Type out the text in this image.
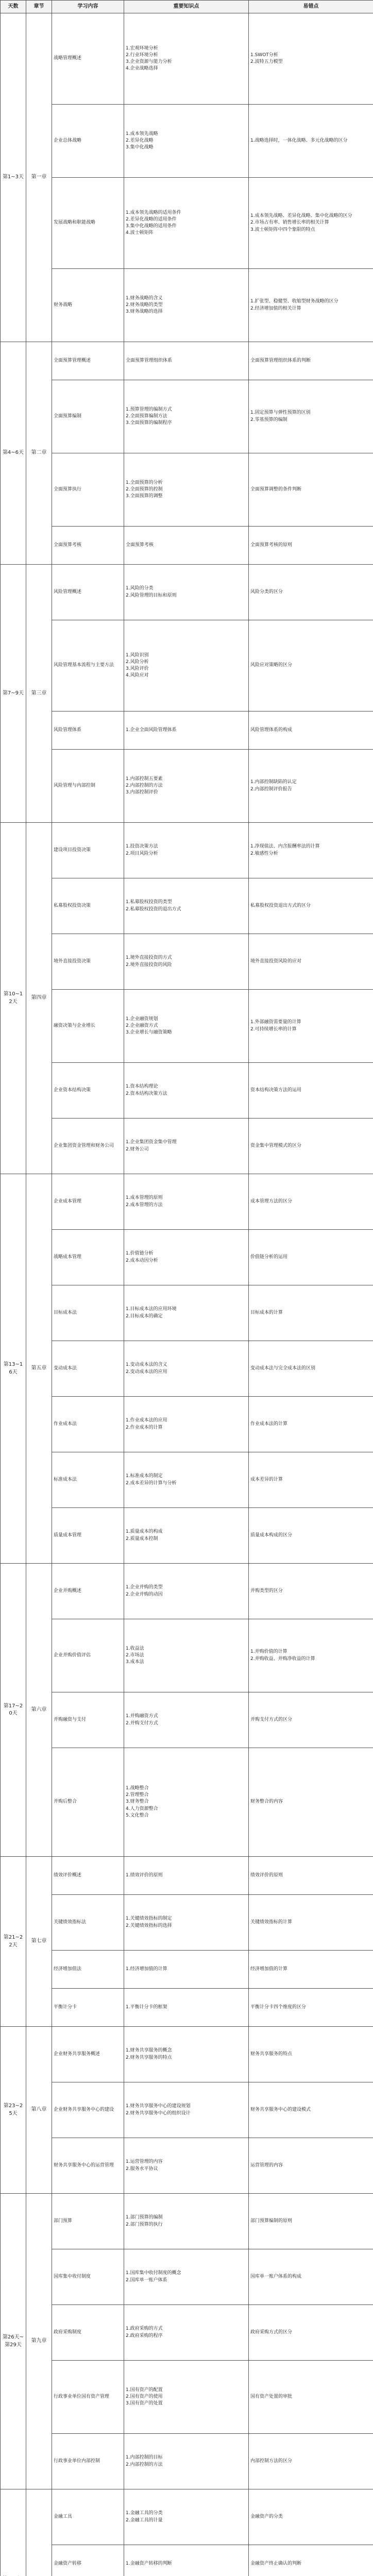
天数	章节	学习内容	重要知识点	易错点
第1~3天	第一章	战略管理概述	1.宏观环境分析
2.行业环境分析
3.企业资源与能力分析
4.企业战略选择	1.SWOT分析
2.波特五力模型

		企业总体战略	1.成本领先战略
2.差异化战略
3.集中化战略	1.战略选择时，一体化战略、多元化战略的区分

		发展战略和职能战略	1.成本领先战略的适用条件
2.差异化战略的适用条件
3.集中化战略的适用条件
4.波士顿矩阵	1.成本领先战略、差异化战略、集中化战略的区分
2.市场占有率、销售增长率的相关计算
3.波士顿矩阵中四个象限的特点

		财务战略	1.财务战略的含义
2.财务战略的类型
3.财务战略的选择	1.扩张型、稳健型、收缩型财务战略的区分
2.经济增加值的相关计算

第4~6天	第二章	全面预算管理概述	全面预算管理组织体系	全面预算管理组织体系的判断

		全面预算编制	1.预算管理的编制方式
2.全面预算编制方法
3.全面预算的编制程序	1.固定预算与弹性预算的区别
2.零基预算的编制

		全面预算执行	1.全面预算的分析
2.全面预算的控制
3.全面预算的调整	全面预算调整的条件判断

		全面预算考核	全面预算考核	全面预算考核的原则

第7~9天	第三章	风险管理概述	1.风险的分类
2.风险管理的目标和原则	风险分类的区分

		风险管理基本流程与主要方法	1.风险识别
2.风险分析
3.风险评价
4.风险应对	风险应对策略的区分

		风险管理体系	1.企业全面风险管理体系	风险管理体系的构成

		风险管理与内部控制	1.内部控制五要素
2.内部控制的方法
3.内部控制评价	1.内部控制缺陷的认定
2.内部控制评价报告

第10~12天	第四章	建设项目投资决策	1.投资决策方法
2.项目风险分析	1.净现值法、内含报酬率法的计算
2.敏感性分析

		私募股权投资决策	1.私募股权投资的类型
2.私募股权投资的退出方式	私募股权投资退出方式的区分

		境外直接投资决策	1.境外直接投资的方式
2.境外直接投资的风险	境外直接投资风险的应对

		融资决策与企业增长	1.企业融资规划
2.企业融资方式
3.企业增长与融资策略	1.外部融资需要量的计算
2.可持续增长率的计算

		企业资本结构决策	1.资本结构理论
2.资本结构决策方法	资本结构决策方法的运用

		企业集团资金管理和财务公司	1.企业集团资金集中管理
2.财务公司	资金集中管理模式的区分

第13~16天	第五章	企业成本管理	1.成本管理的原则
2.成本管理的方法	成本管理方法的区分

		战略成本管理	1.价值链分析
2.成本动因分析	价值链分析的运用

		目标成本法	1.目标成本法的应用环境
2.目标成本的确定	目标成本的计算

		变动成本法	1.变动成本法的含义
2.变动成本法的应用	变动成本法与完全成本法的区别

		作业成本法	1.作业成本法的应用
2.作业成本的计算	作业成本法的计算

		标准成本法	1.标准成本的制定
2.成本差异的计算与分析	成本差异的计算

		质量成本管理	1.质量成本的构成
2.质量成本控制	质量成本构成的区分

第17~20天	第六章	企业并购概述	1.企业并购的类型
2.企业并购的动因	并购类型的区分

		企业并购价值评估	1.收益法
2.市场法
3.成本法	1.并购价值的计算
2.并购收益、并购净收益的计算

		并购融资与支付	1.并购融资方式
2.并购支付方式	并购支付方式的区分

		并购后整合	1.战略整合
2.管理整合
3.财务整合
4.人力资源整合
5.文化整合	财务整合的内容

第21~22天	第七章	绩效评价概述	1.绩效评价的原则	绩效评价的原则

		关键绩效指标法	1.关键绩效指标的制定
2.关键绩效指标的选择	关键绩效指标的计算

		经济增加值法	1.经济增加值的计算	经济增加值的计算

		平衡计分卡	1.平衡计分卡的框架	平衡计分卡四个维度的区分

第23~25天	第八章	企业财务共享服务概述	1.财务共享服务的概念
2.财务共享服务的特点	财务共享服务的特点

		企业财务共享服务中心的建设	1.财务共享服务中心的建设规划
2.财务共享服务中心的组织设计	财务共享服务中心的建设模式

		财务共享服务中心的运营管理	1.运营管理的内容
2.服务水平协议	运营管理的内容

第26天~第29天	第九章	部门预算	1.部门预算的编制
2.部门预算的执行	部门预算编制的原则

		国库集中收付制度	1.国库集中收付制度的概念
2.国库单一账户体系	国库单一账户体系的构成

		政府采购制度	1.政府采购的方式
2.政府采购的程序	政府采购方式的区分

		行政事业单位国有资产管理	1.国有资产的配置
2.国有资产的使用
3.国有资产的处置	国有资产处置的审批

		行政事业单位内部控制	1.内部控制的目标
2.内部控制的方法	内部控制方法的区分

		金融工具	1.金融工具的分类
2.金融工具的计量	金融资产的分类

		金融资产转移	1.金融资产转移的判断	金融资产终止确认的判断
